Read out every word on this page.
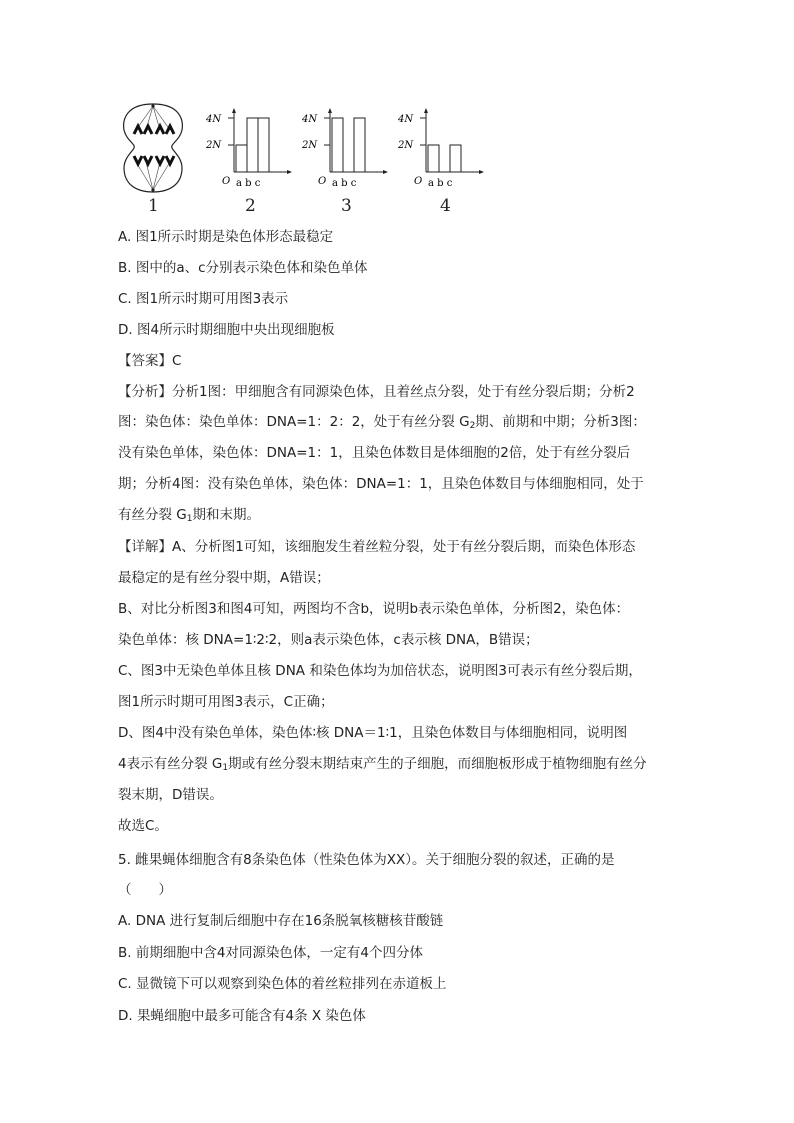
1
4N
2N
O a b c
2
4N
2N
O a b c
3
4N
2N
O a b c
4
A. 图1所示时期是染色体形态最稳定
B. 图中的a、c分别表示染色体和染色单体
C. 图1所示时期可用图3表示
D. 图4所示时期细胞中央出现细胞板
【答案】C
【分析】分析1图：甲细胞含有同源染色体，且着丝点分裂，处于有丝分裂后期；分析2
图：染色体：染色单体：DNA=1：2：2，处于有丝分裂 $G_2$期、前期和中期；分析3图：
没有染色单体，染色体：DNA=1：1，且染色体数目是体细胞的2倍，处于有丝分裂后
期；分析4图：没有染色单体，染色体：DNA=1：1，且染色体数目与体细胞相同，处于
有丝分裂 $G_1$期和末期。
【详解】A、分析图1可知，该细胞发生着丝粒分裂，处于有丝分裂后期，而染色体形态
最稳定的是有丝分裂中期，A错误；
B、对比分析图3和图4可知，两图均不含b，说明b表示染色单体，分析图2，染色体：
染色单体：核 DNA=1∶2∶2，则a表示染色体，c表示核 DNA，B错误；
C、图3中无染色单体且核 DNA 和染色体均为加倍状态，说明图3可表示有丝分裂后期，
图1所示时期可用图3表示，C正确；
D、图4中没有染色单体，染色体∶核 DNA＝1∶1，且染色体数目与体细胞相同，说明图
4表示有丝分裂 $G_1$期或有丝分裂末期结束产生的子细胞，而细胞板形成于植物细胞有丝分
裂末期，D错误。
故选C。
5. 雌果蝇体细胞含有8条染色体（性染色体为XX）。关于细胞分裂的叙述，正确的是
（　　）
A. DNA 进行复制后细胞中存在16条脱氧核糖核苷酸链
B. 前期细胞中含4对同源染色体，一定有4个四分体
C. 显微镜下可以观察到染色体的着丝粒排列在赤道板上
D. 果蝇细胞中最多可能含有4条 X 染色体
